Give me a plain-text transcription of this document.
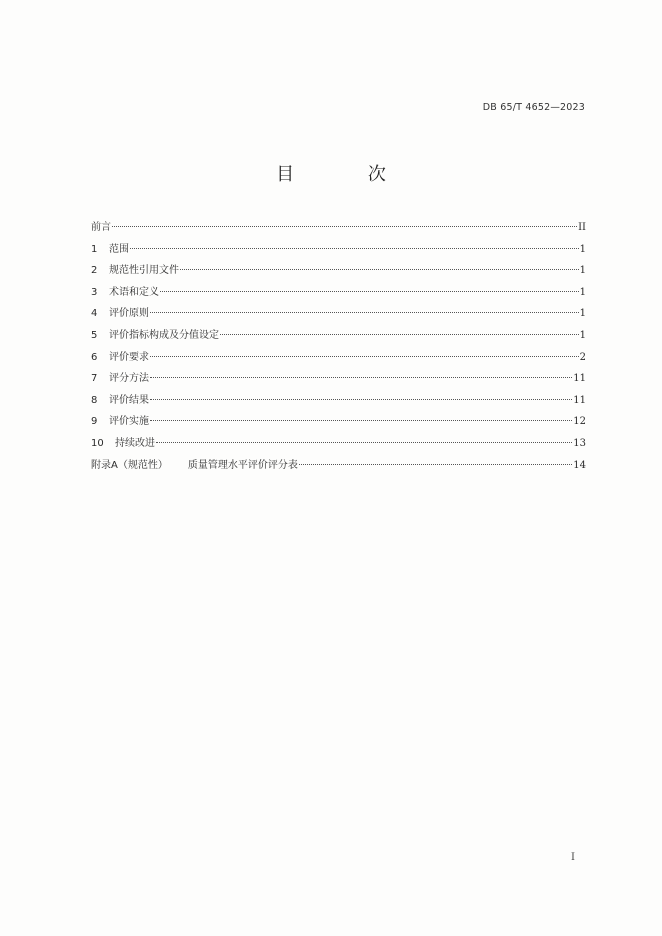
DB 65/T 4652—2023
目 次
前言	II
1	范围	1
2	规范性引用文件	1
3	术语和定义	1
4	评价原则	1
5	评价指标构成及分值设定	1
6	评价要求	2
7	评分方法	11
8	评价结果	11
9	评价实施	12
10	持续改进	13
附录A（规范性） 质量管理水平评价评分表	14
I
